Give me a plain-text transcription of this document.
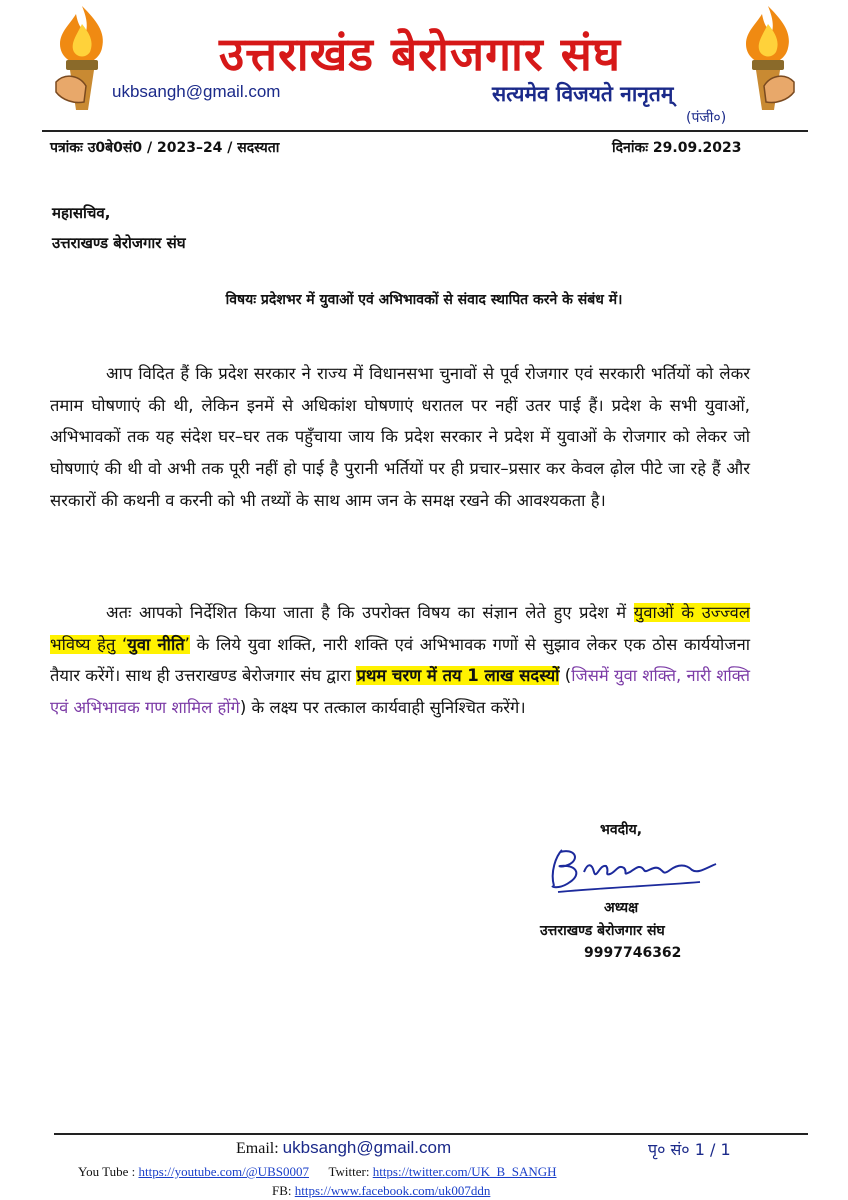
उत्तराखंड बेरोजगार संघ
ukbsangh@gmail.com	सत्यमेव विजयते नानृतम्
(पंजी०)
पत्रांकः उ0बे0सं0 / 2023–24 / सदस्यता	दिनांकः 29.09.2023
महासचिव,
उत्तराखण्ड बेरोजगार संघ
विषयः प्रदेशभर में युवाओं एवं अभिभावकों से संवाद स्थापित करने के संबंध में।

आप विदित हैं कि प्रदेश सरकार ने राज्य में विधानसभा चुनावों से पूर्व रोजगार एवं सरकारी भर्तियों को लेकर तमाम घोषणाएं की थी, लेकिन इनमें से अधिकांश घोषणाएं धरातल पर नहीं उतर पाई हैं। प्रदेश के सभी युवाओं, अभिभावकों तक यह संदेश घर–घर तक पहुँचाया जाय कि प्रदेश सरकार ने प्रदेश में युवाओं के रोजगार को लेकर जो घोषणाएं की थी वो अभी तक पूरी नहीं हो पाई है पुरानी भर्तियों पर ही प्रचार–प्रसार कर केवल ढ़ोल पीटे जा रहे हैं और सरकारों की कथनी व करनी को भी तथ्यों के साथ आम जन के समक्ष रखने की आवश्यकता है।

अतः आपको निर्देशित किया जाता है कि उपरोक्त विषय का संज्ञान लेते हुए प्रदेश में युवाओं के उज्ज्वल भविष्य हेतु ‘युवा नीति’ के लिये युवा शक्ति, नारी शक्ति एवं अभिभावक गणों से सुझाव लेकर एक ठोस कार्ययोजना तैयार करेंगें। साथ ही उत्तराखण्ड बेरोजगार संघ द्वारा प्रथम चरण में तय 1 लाख सदस्यों (जिसमें युवा शक्ति, नारी शक्ति एवं अभिभावक गण शामिल होंगे) के लक्ष्य पर तत्काल कार्यवाही सुनिश्चित करेंगे।

भवदीय,
अध्यक्ष
उत्तराखण्ड बेरोजगार संघ
9997746362
Email: ukbsangh@gmail.com	पृ० सं० 1 / 1
You Tube : https://youtube.com/@UBS0007 Twitter: https://twitter.com/UK_B_SANGH
FB: https://www.facebook.com/uk007ddn
